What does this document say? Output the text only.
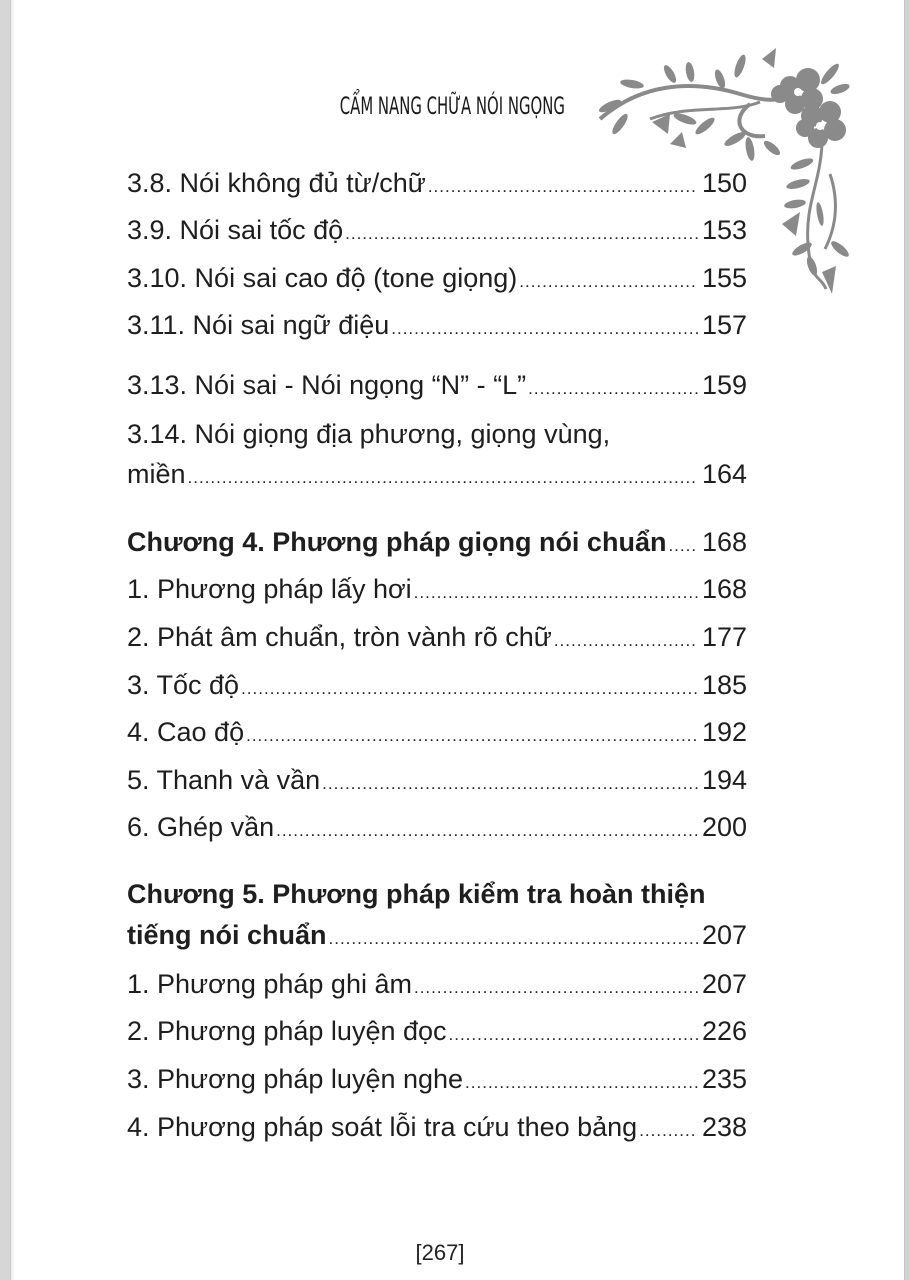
CẨM NANG CHỮA NÓI NGỌNG
3.8. Nói không đủ từ/chữ .....	150
3.9. Nói sai tốc độ .....	153
3.10. Nói sai cao độ (tone giọng) .....	155
3.11. Nói sai ngữ điệu .....	157
3.13. Nói sai - Nói ngọng “N” - “L” .....	159
3.14. Nói giọng địa phương, giọng vùng,
miền .....	164
Chương 4. Phương pháp giọng nói chuẩn ..... 168
1. Phương pháp lấy hơi .....	168
2. Phát âm chuẩn, tròn vành rõ chữ .....	177
3. Tốc độ .....	185
4. Cao độ .....	192
5. Thanh và vần .....	194
6. Ghép vần .....	200
Chương 5. Phương pháp kiểm tra hoàn thiện
tiếng nói chuẩn .....	207
1. Phương pháp ghi âm .....	207
2. Phương pháp luyện đọc .....	226
3. Phương pháp luyện nghe .....	235
4. Phương pháp soát lỗi tra cứu theo bảng ..... 238
[267]
